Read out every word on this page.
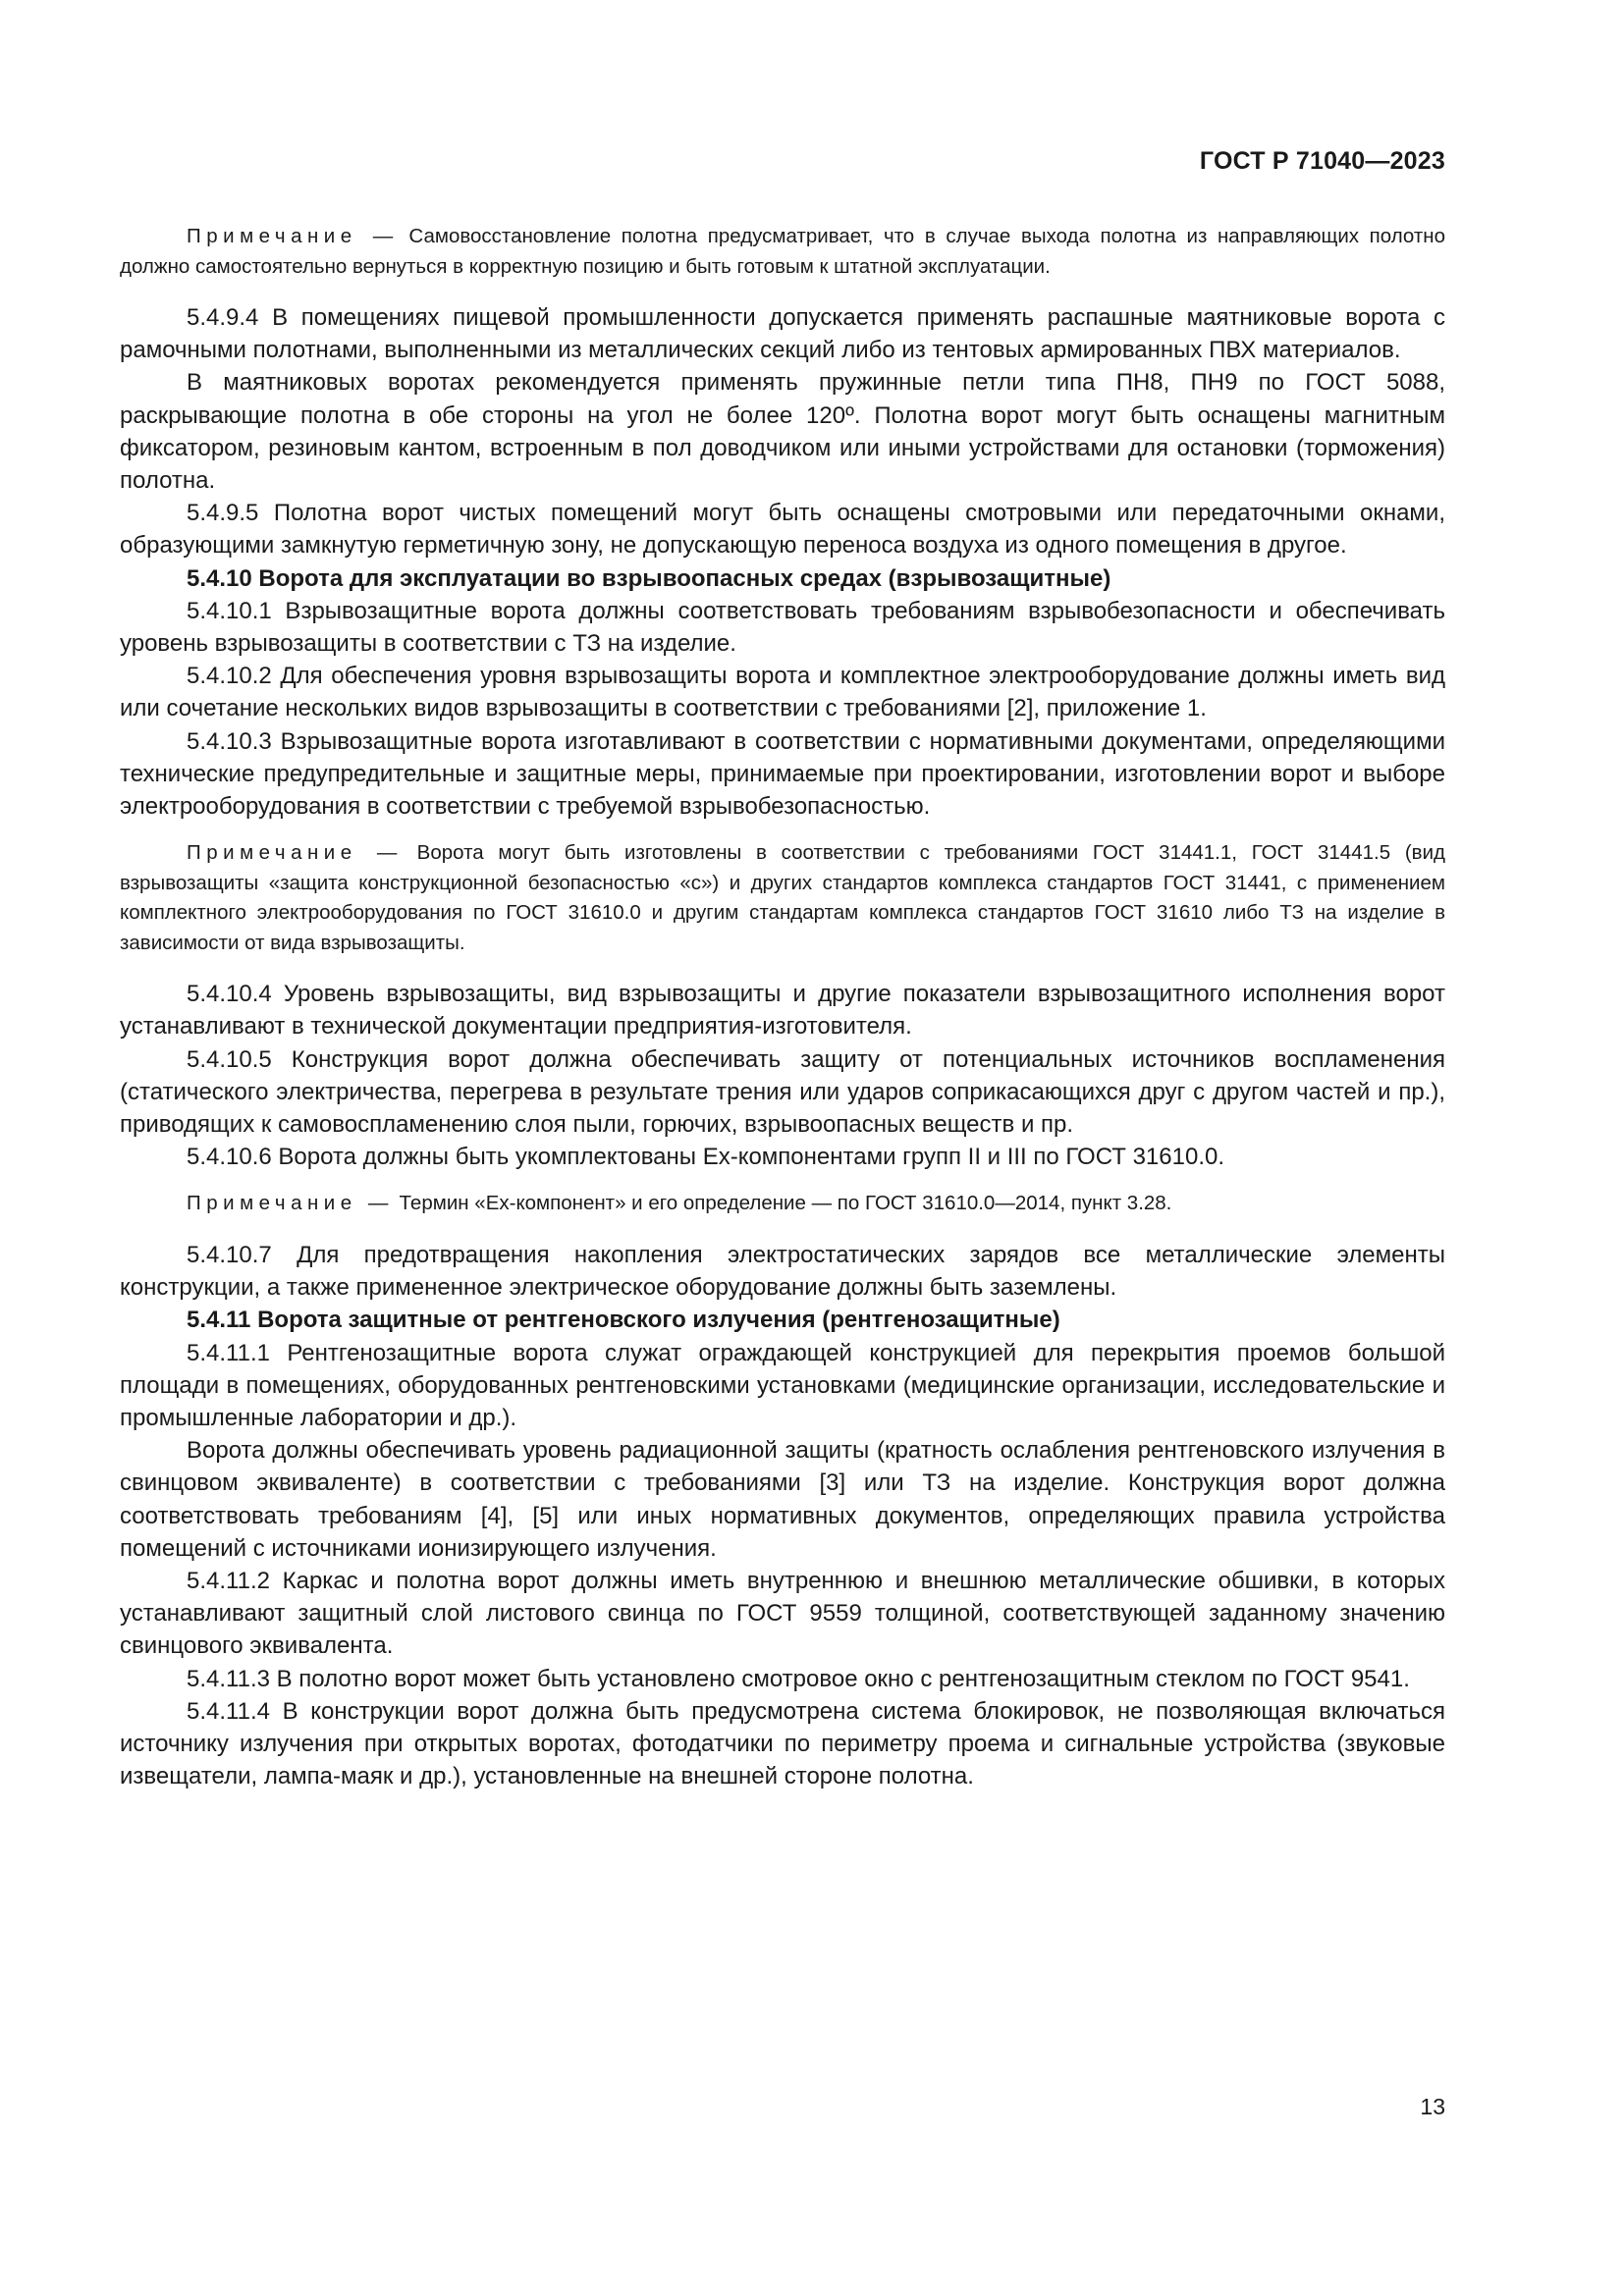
ГОСТ Р 71040—2023

Примечание — Самовосстановление полотна предусматривает, что в случае выхода полотна из направляющих полотно должно самостоятельно вернуться в корректную позицию и быть готовым к штатной эксплуатации.

5.4.9.4 В помещениях пищевой промышленности допускается применять распашные маятниковые ворота с рамочными полотнами, выполненными из металлических секций либо из тентовых армированных ПВХ материалов.

В маятниковых воротах рекомендуется применять пружинные петли типа ПН8, ПН9 по ГОСТ 5088, раскрывающие полотна в обе стороны на угол не более 120º. Полотна ворот могут быть оснащены магнитным фиксатором, резиновым кантом, встроенным в пол доводчиком или иными устройствами для остановки (торможения) полотна.

5.4.9.5 Полотна ворот чистых помещений могут быть оснащены смотровыми или передаточными окнами, образующими замкнутую герметичную зону, не допускающую переноса воздуха из одного помещения в другое.

5.4.10 Ворота для эксплуатации во взрывоопасных средах (взрывозащитные)

5.4.10.1 Взрывозащитные ворота должны соответствовать требованиям взрывобезопасности и обеспечивать уровень взрывозащиты в соответствии с ТЗ на изделие.

5.4.10.2 Для обеспечения уровня взрывозащиты ворота и комплектное электрооборудование должны иметь вид или сочетание нескольких видов взрывозащиты в соответствии с требованиями [2], приложение 1.

5.4.10.3 Взрывозащитные ворота изготавливают в соответствии с нормативными документами, определяющими технические предупредительные и защитные меры, принимаемые при проектировании, изготовлении ворот и выборе электрооборудования в соответствии с требуемой взрывобезопасностью.

Примечание — Ворота могут быть изготовлены в соответствии с требованиями ГОСТ 31441.1, ГОСТ 31441.5 (вид взрывозащиты «защита конструкционной безопасностью «с») и других стандартов комплекса стандартов ГОСТ 31441, с применением комплектного электрооборудования по ГОСТ 31610.0 и другим стандартам комплекса стандартов ГОСТ 31610 либо ТЗ на изделие в зависимости от вида взрывозащиты.

5.4.10.4 Уровень взрывозащиты, вид взрывозащиты и другие показатели взрывозащитного исполнения ворот устанавливают в технической документации предприятия-изготовителя.

5.4.10.5 Конструкция ворот должна обеспечивать защиту от потенциальных источников воспламенения (статического электричества, перегрева в результате трения или ударов соприкасающихся друг с другом частей и пр.), приводящих к самовоспламенению слоя пыли, горючих, взрывоопасных веществ и пр.

5.4.10.6 Ворота должны быть укомплектованы Ex-компонентами групп II и III по ГОСТ 31610.0.

Примечание — Термин «Ex-компонент» и его определение — по ГОСТ 31610.0—2014, пункт 3.28.

5.4.10.7 Для предотвращения накопления электростатических зарядов все металлические элементы конструкции, а также примененное электрическое оборудование должны быть заземлены.

5.4.11 Ворота защитные от рентгеновского излучения (рентгенозащитные)

5.4.11.1 Рентгенозащитные ворота служат ограждающей конструкцией для перекрытия проемов большой площади в помещениях, оборудованных рентгеновскими установками (медицинские организации, исследовательские и промышленные лаборатории и др.).

Ворота должны обеспечивать уровень радиационной защиты (кратность ослабления рентгеновского излучения в свинцовом эквиваленте) в соответствии с требованиями [3] или ТЗ на изделие. Конструкция ворот должна соответствовать требованиям [4], [5] или иных нормативных документов, определяющих правила устройства помещений с источниками ионизирующего излучения.

5.4.11.2 Каркас и полотна ворот должны иметь внутреннюю и внешнюю металлические обшивки, в которых устанавливают защитный слой листового свинца по ГОСТ 9559 толщиной, соответствующей заданному значению свинцового эквивалента.

5.4.11.3 В полотно ворот может быть установлено смотровое окно с рентгенозащитным стеклом по ГОСТ 9541.

5.4.11.4 В конструкции ворот должна быть предусмотрена система блокировок, не позволяющая включаться источнику излучения при открытых воротах, фотодатчики по периметру проема и сигнальные устройства (звуковые извещатели, лампа-маяк и др.), установленные на внешней стороне полотна.

13
